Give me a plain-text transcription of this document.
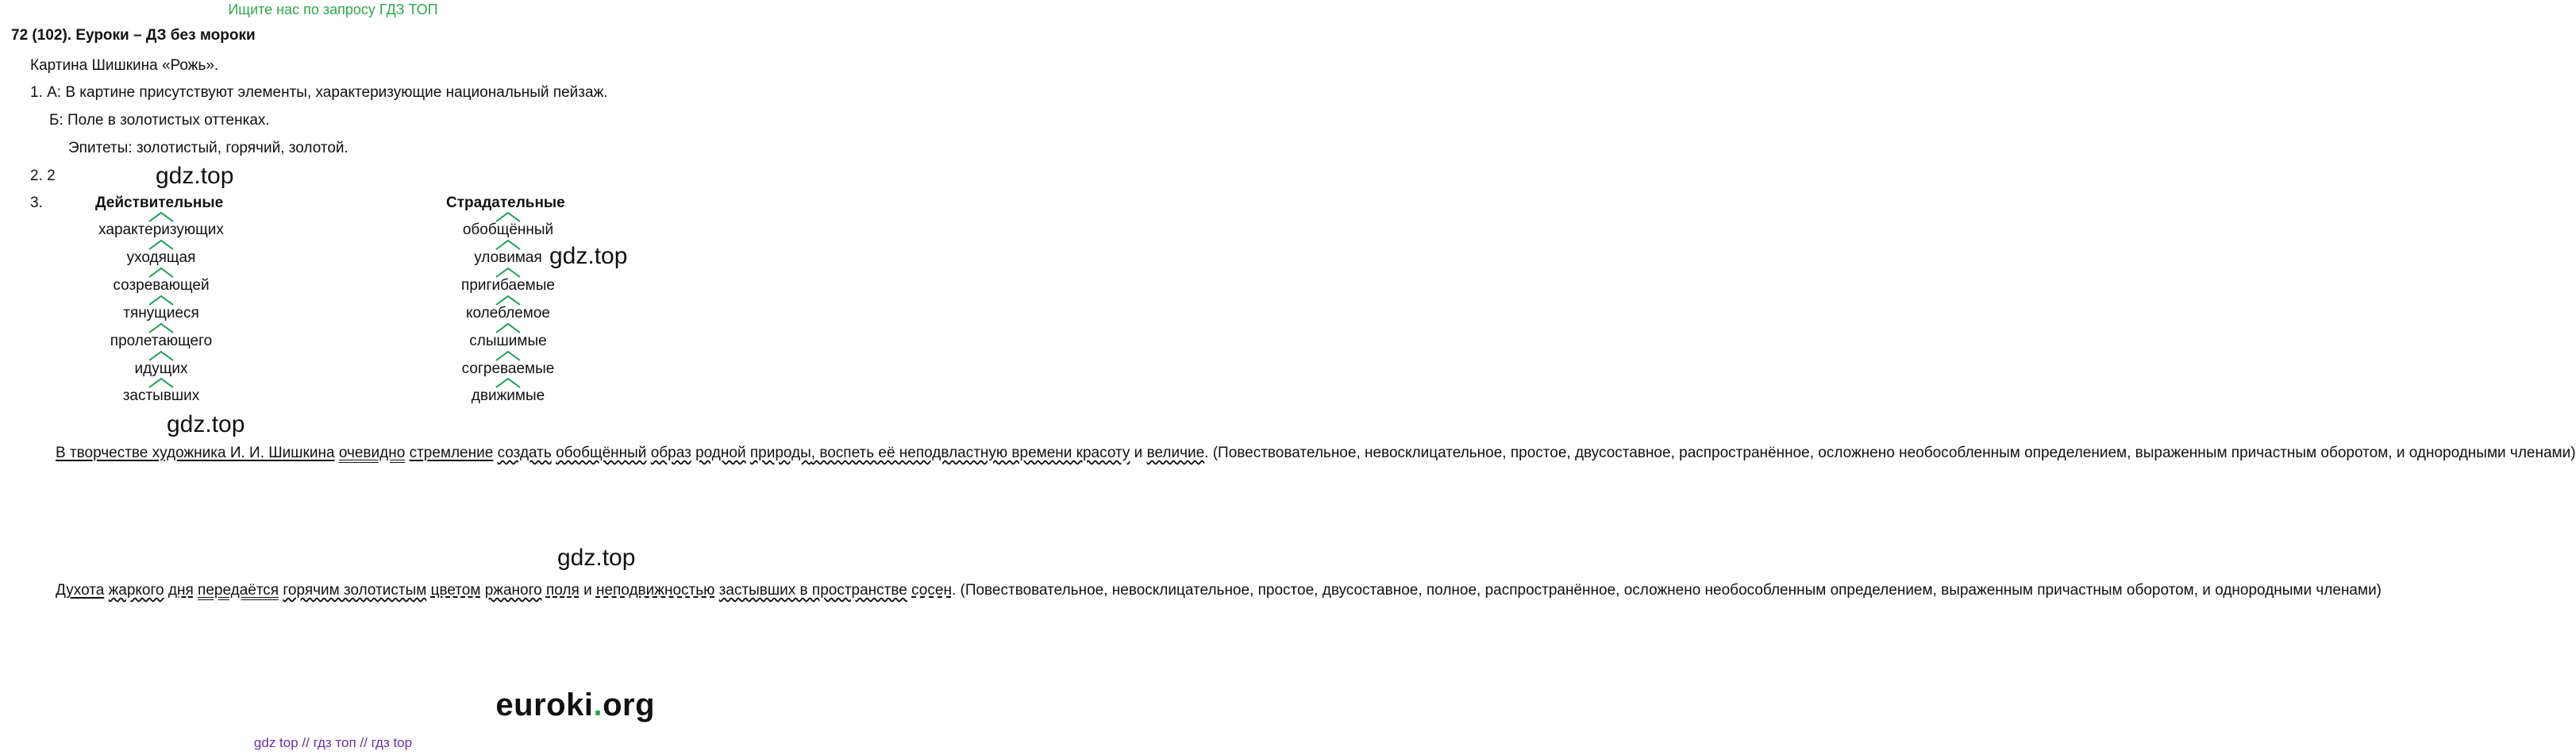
Ищите нас по запросу ГДЗ ТОП
72 (102). Еуроки – ДЗ без мороки
Картина Шишкина «Рожь».
1. А: В картине присутствуют элементы, характеризующие национальный пейзаж.
Б: Поле в золотистых оттенках.
Эпитеты: золотистый, горячий, золотой.
2. 2
3.
gdz.top
gdz.top
gdz.top
gdz.top
Действительные	Страдательные
характеризующих
уходящая
созревающей
тянущиеся
пролетающего
идущих
застывших
обобщённый
уловимая
пригибаемые
колеблемое
слышимые
согреваемые
движимые
В творчестве художника И. И. Шишкина очевидно стремление создать обобщённый образ родной природы, воспеть её неподвластную времени красоту и величие. (Повествовательное, невосклицательное, простое, двусоставное, распространённое, осложнено необособленным определением, выраженным причастным оборотом, и однородными членами)
Духота жаркого дня передаётся горячим золотистым цветом ржаного поля и неподвижностью застывших в пространстве сосен. (Повествовательное, невосклицательное, простое, двусоставное, полное, распространённое, осложнено необособленным определением, выраженным причастным оборотом, и однородными членами)
euroki.org
gdz top // гдз топ // гдз top
